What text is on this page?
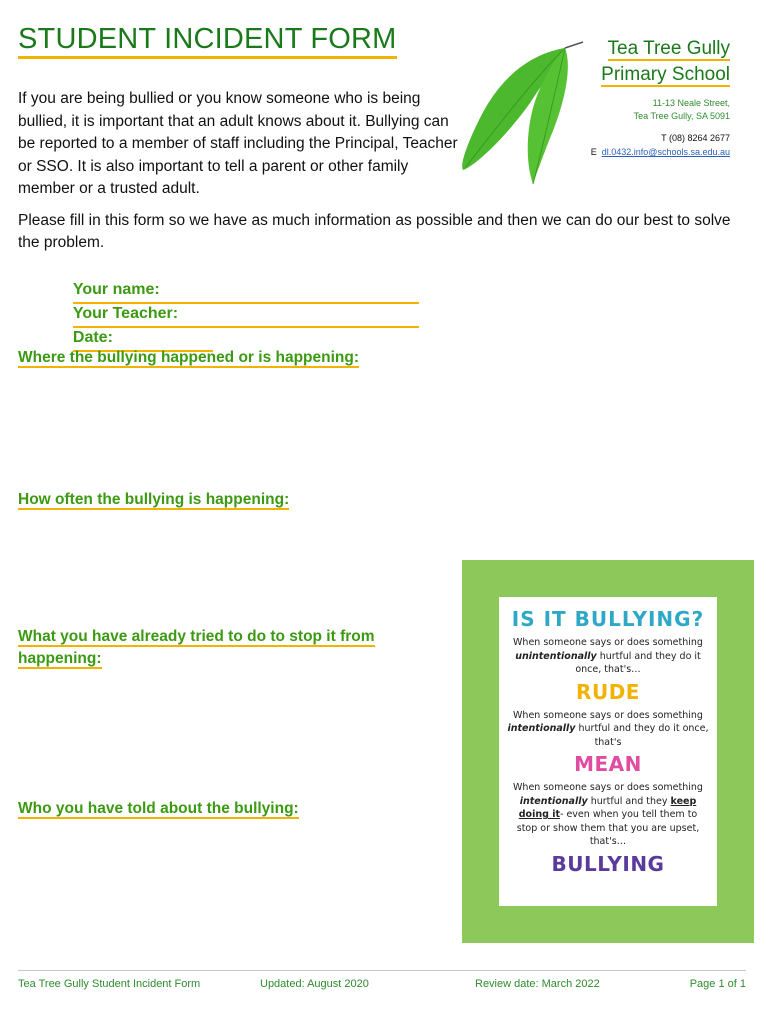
STUDENT INCIDENT FORM	Tea Tree Gully
Primary School
11-13 Neale Street,
Tea Tree Gully, SA 5091
T (08) 8264 2677
E dl.0432.info@schools.sa.edu.au
If you are being bullied or you know someone who is being bullied, it is important that an adult knows about it. Bullying can be reported to a member of staff including the Principal, Teacher or SSO. It is also important to tell a parent or other family member or a trusted adult.
Please fill in this form so we have as much information as possible and then we can do our best to solve the problem.

Your name:

Your Teacher:

Date:

Where the bullying happened or is happening:
How often the bullying is happening:
What you have already tried to do to stop it from
happening:
Who you have told about the bullying:
IS IT BULLYING?
When someone says or does something unintentionally hurtful and they do it once, that's…
RUDE
When someone says or does something intentionally hurtful and they do it once, that's
MEAN
When someone says or does something intentionally hurtful and they keep doing it- even when you tell them to stop or show them that you are upset, that's…
BULLYING
Tea Tree Gully Student Incident Form	Updated: August 2020	Review date: March 2022	Page 1 of 1
